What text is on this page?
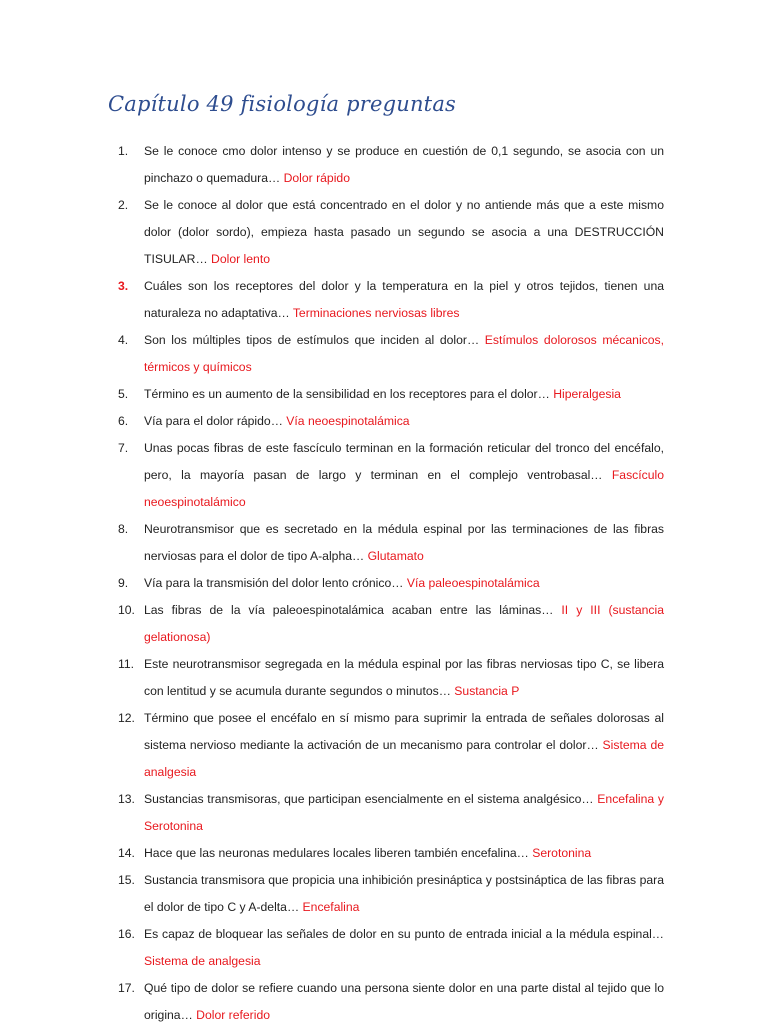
Capítulo 49 fisiología preguntas
1.	Se le conoce cmo dolor intenso y se produce en cuestión de 0,1 segundo, se asocia con un pinchazo o quemadura… Dolor rápido
2.	Se le conoce al dolor que está concentrado en el dolor y no antiende más que a este mismo dolor (dolor sordo), empieza hasta pasado un segundo se asocia a una DESTRUCCIÓN TISULAR… Dolor lento
3.	Cuáles son los receptores del dolor y la temperatura en la piel y otros tejidos, tienen una naturaleza no adaptativa… Terminaciones nerviosas libres
4.	Son los múltiples tipos de estímulos que inciden al dolor… Estímulos dolorosos mécanicos, térmicos y químicos
5.	Término es un aumento de la sensibilidad en los receptores para el dolor… Hiperalgesia
6.	Vía para el dolor rápido… Vía neoespinotalámica
7.	Unas pocas fibras de este fascículo terminan en la formación reticular del tronco del encéfalo, pero, la mayoría pasan de largo y terminan en el complejo ventrobasal… Fascículo neoespinotalámico
8.	Neurotransmisor que es secretado en la médula espinal por las terminaciones de las fibras nerviosas para el dolor de tipo A-alpha… Glutamato
9.	Vía para la transmisión del dolor lento crónico… Vía paleoespinotalámica
10. Las fibras de la vía paleoespinotalámica acaban entre las láminas… II y III (sustancia gelationosa)
11. Este neurotransmisor segregada en la médula espinal por las fibras nerviosas tipo C, se libera con lentitud y se acumula durante segundos o minutos… Sustancia P
12. Término que posee el encéfalo en sí mismo para suprimir la entrada de señales dolorosas al sistema nervioso mediante la activación de un mecanismo para controlar el dolor… Sistema de analgesia
13. Sustancias transmisoras, que participan esencialmente en el sistema analgésico… Encefalina y Serotonina
14. Hace que las neuronas medulares locales liberen también encefalina… Serotonina
15. Sustancia transmisora que propicia una inhibición presináptica y postsináptica de las fibras para el dolor de tipo C y A-delta… Encefalina
16. Es capaz de bloquear las señales de dolor en su punto de entrada inicial a la médula espinal… Sistema de analgesia
17. Qué tipo de dolor se refiere cuando una persona siente dolor en una parte distal al tejido que lo origina… Dolor referido
